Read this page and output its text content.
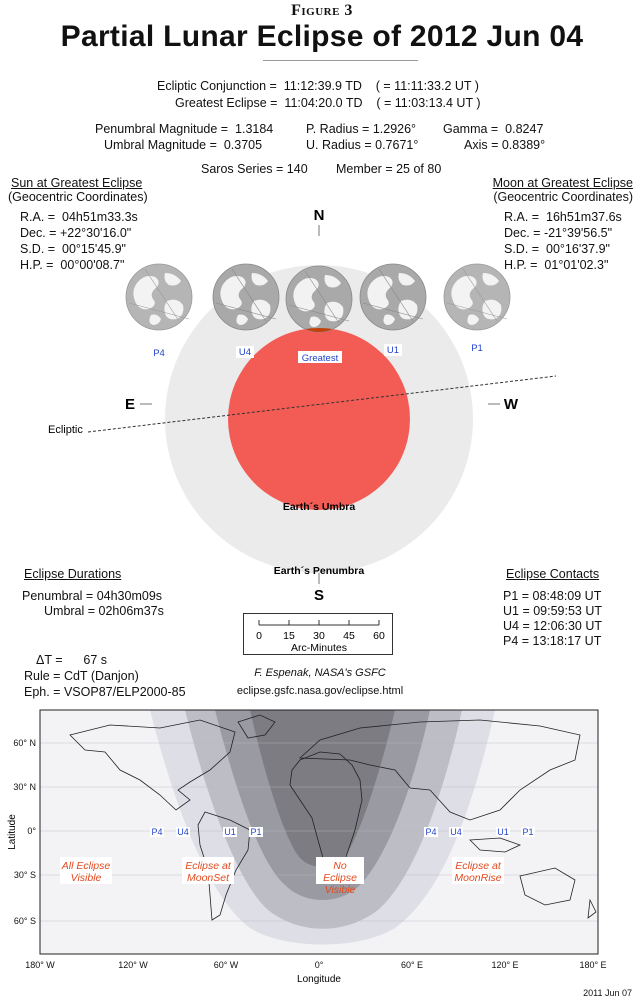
Figure 3
Partial Lunar Eclipse of 2012 Jun 04
Ecliptic Conjunction =  11:12:39.9 TD    ( = 11:11:33.2 UT )
Greatest Eclipse =  11:04:20.0 TD    ( = 11:03:13.4 UT )
Penumbral Magnitude =  1.3184
Umbral Magnitude =  0.3705
P. Radius = 1.2926°
U. Radius = 0.7671°
Gamma =  0.8247
Axis = 0.8389°
Saros Series = 140 Member = 25 of 80
Sun at Greatest Eclipse
(Geocentric Coordinates)
R.A. =  04h51m33.3s
Dec. = +22°30'16.0"
S.D. =  00°15'45.9"
H.P. =  00°00'08.7"
Moon at Greatest Eclipse
(Geocentric Coordinates)
R.A. =  16h51m37.6s
Dec. = -21°39'56.5"
S.D. =  00°16'37.9"
H.P. =  01°01'02.3"
N
S
E	W
Ecliptic
Earth´s Umbra
Earth´s Penumbra
P4	U4
Greatest
U1	P1
Eclipse Durations
Penumbral = 04h30m09s
Umbral = 02h06m37s
Eclipse Contacts
P1 = 08:48:09 UT
U1 = 09:59:53 UT
U4 = 12:06:30 UT
P4 = 13:18:17 UT
0 15 30 45 60
Arc-Minutes
ΔT =      67 s
Rule = CdT (Danjon)
Eph. = VSOP87/ELP2000-85
F. Espenak, NASA's GSFC
eclipse.gsfc.nasa.gov/eclipse.html
60° N
30° N
0°
30° S
60° S
180° W	120° W	60° W	0°	60° E	120° E	180° E
Longitude
Latitude	P4 U4	U1 P1	P4 U4	U1 P1
All Eclipse
Visible
Eclipse at
MoonSet
No Eclipse
Visible
Eclipse at
MoonRise
2011 Jun 07
